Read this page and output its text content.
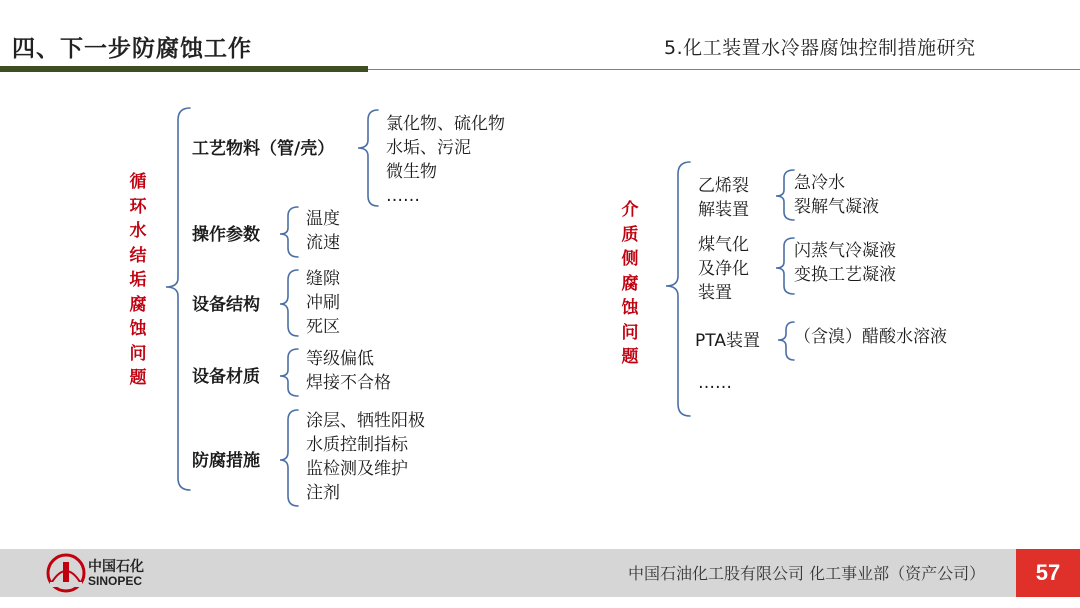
四、下一步防腐蚀工作	5.化工装置水冷器腐蚀控制措施研究
循环水结垢腐蚀问题
工艺物料（管/壳）
氯化物、硫化物
水垢、污泥
微生物
……
操作参数
温度
流速
设备结构
缝隙
冲刷
死区
设备材质
等级偏低
焊接不合格
防腐措施
涂层、牺牲阳极
水质控制指标
监检测及维护
注剂
介质侧腐蚀问题
乙烯裂
解装置
急冷水
裂解气凝液
煤气化
及净化
装置
闪蒸气冷凝液
变换工艺凝液
PTA装置 （含溴）醋酸水溶液
……
中国石化
SINOPEC	中国石油化工股有限公司 化工事业部（资产公司）	57
